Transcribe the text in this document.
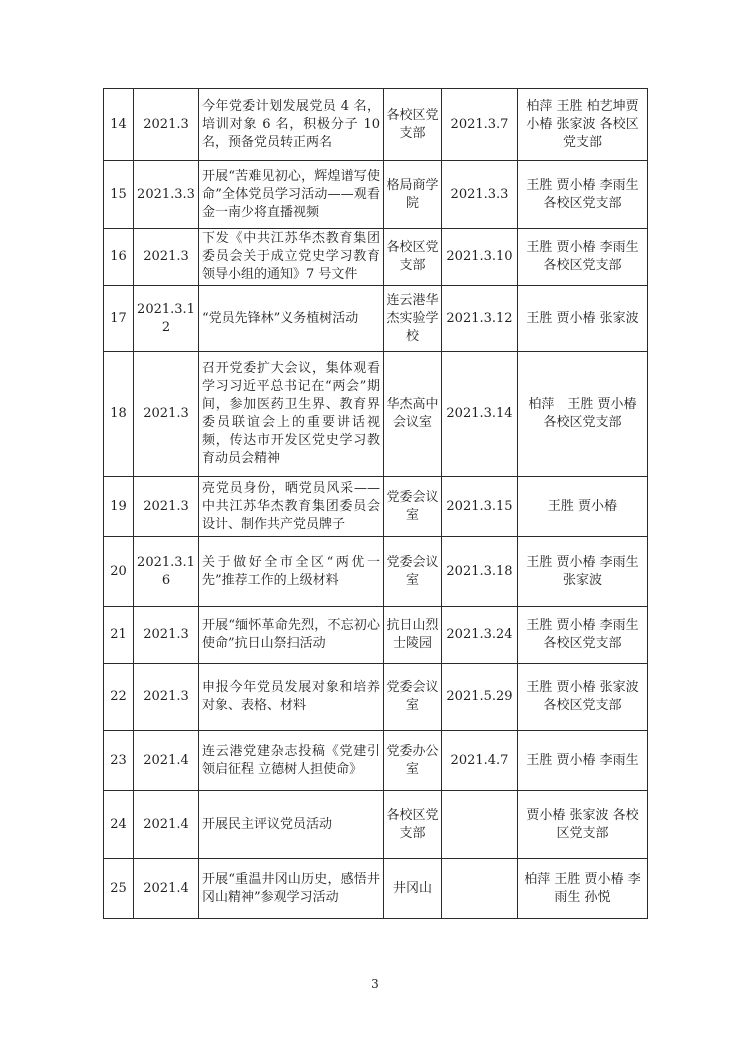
14	2021.3	今年党委计划发展党员 4 名，培训对象 6 名，积极分子 10 名，预备党员转正两名	各校区党支部	2021.3.7	柏萍 王胜 柏艺坤贾小椿 张家波 各校区党支部
15	2021.3.3	开展“苦难见初心，辉煌谱写使命”全体党员学习活动——观看金一南少将直播视频	格局商学院	2021.3.3	王胜 贾小椿 李雨生 各校区党支部
16	2021.3	下发《中共江苏华杰教育集团委员会关于成立党史学习教育领导小组的通知》7 号文件	各校区党支部	2021.3.10	王胜 贾小椿 李雨生 各校区党支部
17	2021.3.12	“党员先锋林”义务植树活动	连云港华杰实验学校	2021.3.12	王胜 贾小椿 张家波
18	2021.3	召开党委扩大会议，集体观看学习习近平总书记在“两会”期间，参加医药卫生界、教育界委员联谊会上的重要讲话视频，传达市开发区党史学习教育动员会精神	华杰高中会议室	2021.3.14	柏萍　王胜 贾小椿 各校区党支部
19	2021.3	亮党员身份，晒党员风采——中共江苏华杰教育集团委员会设计、制作共产党员牌子	党委会议室	2021.3.15	王胜 贾小椿
20	2021.3.16	关于做好全市全区“两优一先”推荐工作的上级材料	党委会议室	2021.3.18	王胜 贾小椿 李雨生 张家波
21	2021.3	开展“缅怀革命先烈，不忘初心使命”抗日山祭扫活动	抗日山烈士陵园	2021.3.24	王胜 贾小椿 李雨生 各校区党支部
22	2021.3	申报今年党员发展对象和培养对象、表格、材料	党委会议室	2021.5.29	王胜 贾小椿 张家波 各校区党支部
23	2021.4	连云港党建杂志投稿《党建引领启征程 立德树人担使命》	党委办公室	2021.4.7	王胜 贾小椿 李雨生
24	2021.4	开展民主评议党员活动	各校区党支部		贾小椿 张家波 各校区党支部
25	2021.4	开展“重温井冈山历史，感悟井冈山精神”参观学习活动	井冈山		柏萍 王胜 贾小椿 李雨生 孙悦
3
